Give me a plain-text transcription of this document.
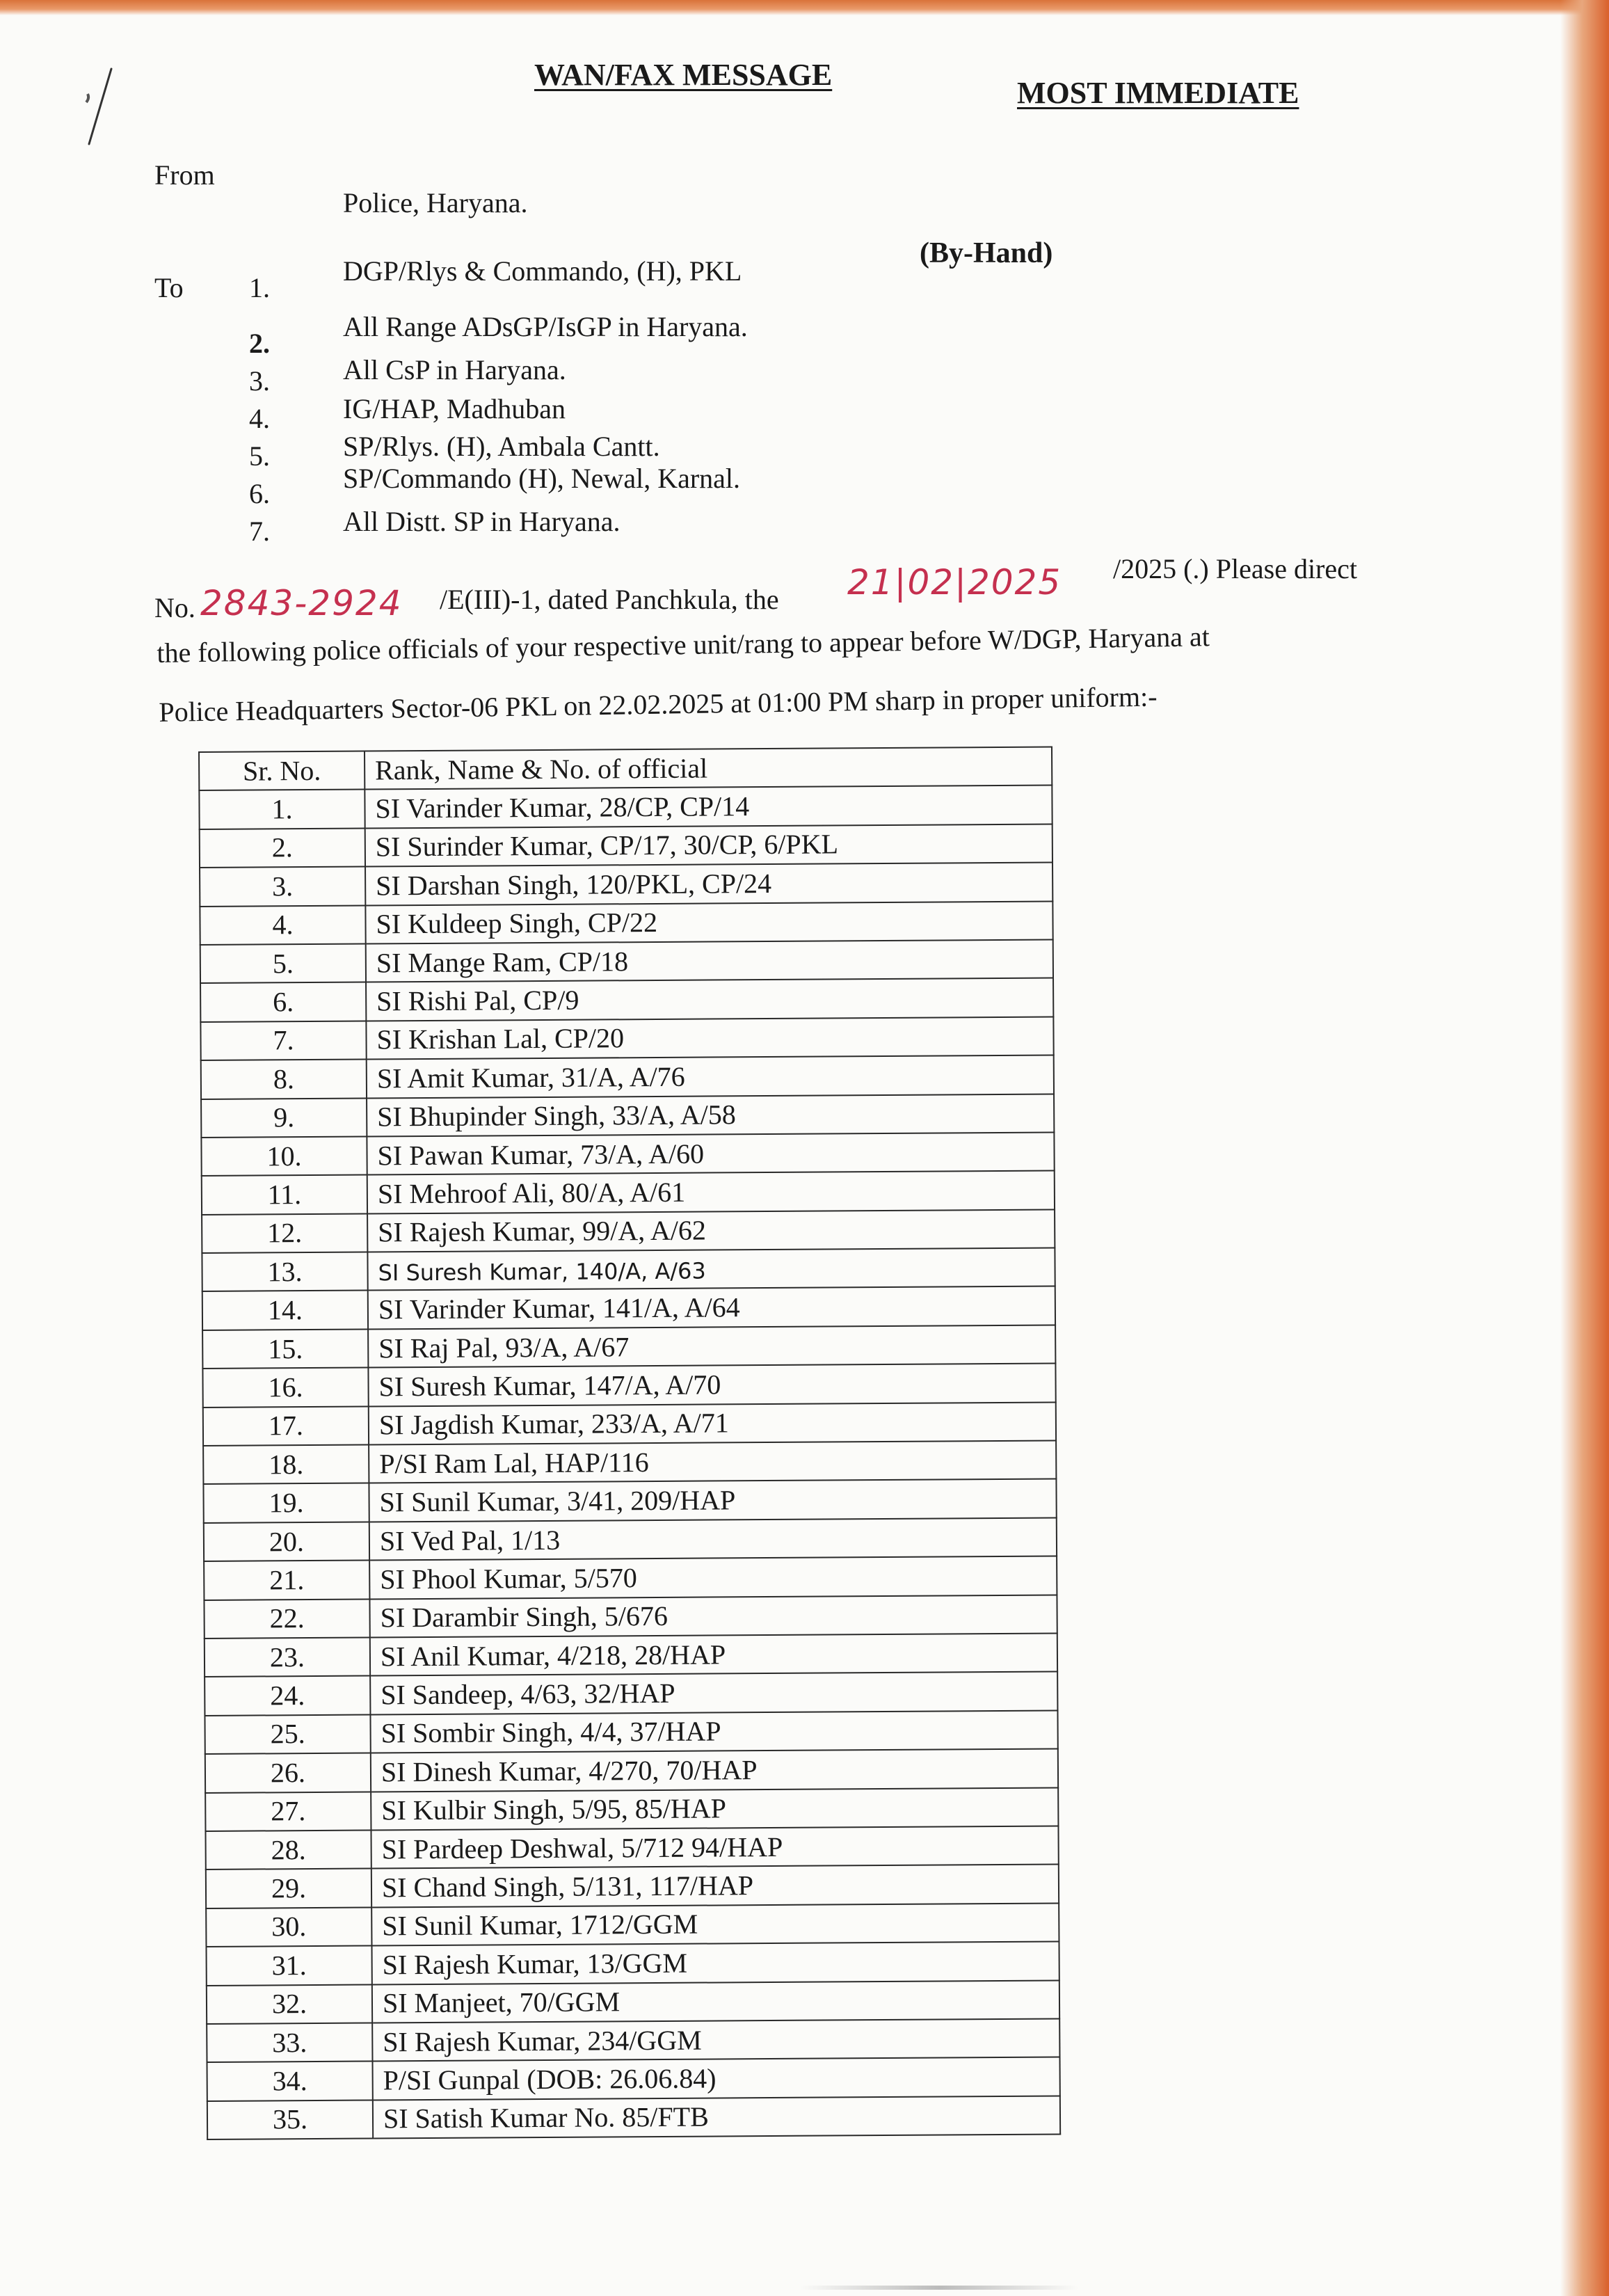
WAN/FAX MESSAGE
MOST IMMEDIATE
From
Police, Haryana.
To
(By-Hand)
1.
DGP/Rlys & Commando, (H), PKL
2.
All Range ADsGP/IsGP in Haryana.
3.	All CsP in Haryana.
4.	IG/HAP, Madhuban
5.	SP/Rlys. (H), Ambala Cantt.
6.	SP/Commando (H), Newal, Karnal.
7.	All Distt. SP in Haryana.
No. 2843-2924 /E(III)-1, dated Panchkula, the 21|02|2025 /2025 (.) Please direct
the following police officials of your respective unit/rang to appear before W/DGP, Haryana at
Police Headquarters Sector-06 PKL on 22.02.2025 at 01:00 PM sharp in proper uniform:-
Sr. No.	Rank, Name & No. of official
1.	SI Varinder Kumar, 28/CP, CP/14
2.	SI Surinder Kumar, CP/17, 30/CP, 6/PKL
3.	SI Darshan Singh, 120/PKL, CP/24
4.	SI Kuldeep Singh, CP/22
5.	SI Mange Ram, CP/18
6.	SI Rishi Pal, CP/9
7.	SI Krishan Lal, CP/20
8.	SI Amit Kumar, 31/A, A/76
9.	SI Bhupinder Singh, 33/A, A/58
10.	SI Pawan Kumar, 73/A, A/60
11.	SI Mehroof Ali, 80/A, A/61
12.	SI Rajesh Kumar, 99/A, A/62
13.	SI Suresh Kumar, 140/A, A/63
14.	SI Varinder Kumar, 141/A, A/64
15.	SI Raj Pal, 93/A, A/67
16.	SI Suresh Kumar, 147/A, A/70
17.	SI Jagdish Kumar, 233/A, A/71
18.	P/SI Ram Lal, HAP/116
19.	SI Sunil Kumar, 3/41, 209/HAP
20.	SI Ved Pal, 1/13
21.	SI Phool Kumar, 5/570
22.	SI Darambir Singh, 5/676
23.	SI Anil Kumar, 4/218, 28/HAP
24.	SI Sandeep, 4/63, 32/HAP
25.	SI Sombir Singh, 4/4, 37/HAP
26.	SI Dinesh Kumar, 4/270, 70/HAP
27.	SI Kulbir Singh, 5/95, 85/HAP
28.	SI Pardeep Deshwal, 5/712 94/HAP
29.	SI Chand Singh, 5/131, 117/HAP
30.	SI Sunil Kumar, 1712/GGM
31.	SI Rajesh Kumar, 13/GGM
32.	SI Manjeet, 70/GGM
33.	SI Rajesh Kumar, 234/GGM
34.	P/SI Gunpal (DOB: 26.06.84)
35.	SI Satish Kumar No. 85/FTB
